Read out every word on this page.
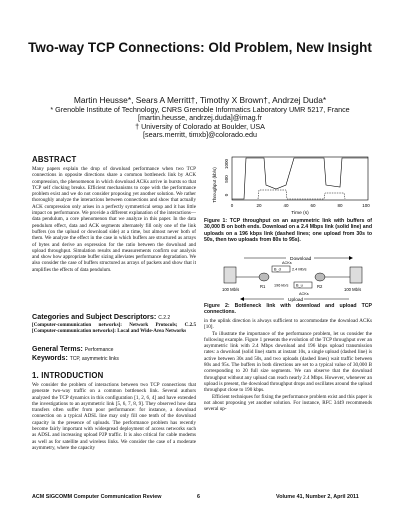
Two-way TCP Connections: Old Problem, New Insight
Martin Heusse*, Sears A Merritt†, Timothy X Brown†, Andrzej Duda*
* Grenoble Institute of Technology, CNRS Grenoble Informatics Laboratory UMR 5217, France
[martin.heusse, andrzej.duda]@imag.fr
† University of Colorado at Boulder, USA
[sears.merritt, timxb]@colorado.edu
ABSTRACT

Many papers explain the drop of download performance when two TCP connections in opposite directions share a common bottleneck link by ACK compression, the phenomenon in which download ACKs arrive in bursts so that TCP self clocking breaks. Efficient mechanisms to cope with the performance problem exist and we do not consider proposing yet another solution. We rather thoroughly analyze the interactions between connections and show that actually ACK compression only arises in a perfectly symmetrical setup and it has little impact on performance. We provide a different explanation of the interactions—data pendulum, a core phenomenon that we analyze in this paper. In the data pendulum effect, data and ACK segments alternately fill only one of the link buffers (on the upload or download side) at a time, but almost never both of them. We analyze the effect in the case in which buffers are structured as arrays of bytes and derive an expression for the ratio between the download and upload throughput. Simulation results and measurements confirm our analysis and show how appropriate buffer sizing alleviates performance degradation. We also consider the case of buffers structured as arrays of packets and show that it amplifies the effects of data pendulum.

Categories and Subject Descriptors: C.2.2

[Computer-communication networks]: Network Protocols; C.2.5 [Computer-communication networks]: Local and Wide-Area Networks

General Terms: Performance
Keywords: TCP, asymmetric links
1. INTRODUCTION

We consider the problem of interactions between two TCP connections that generate two-way traffic on a common bottleneck link. Several authors analyzed the TCP dynamics in this configuration [1, 2, 6, 4] and have extended the investigations to an asymmetric link [5, 6, 7, 8, 9]. They observed how data transfers often suffer from poor performance: for instance, a download connection on a typical ADSL line may only fill one tenth of the download capacity in the presence of uploads. The performance problem has recently become fairly important with widespread deployment of access networks such as ADSL and increasing upload P2P traffic. It is also critical for cable modems as well as for satellite and wireless links. We consider the case of a moderate asymmetry, where the capacity

Throughput (kb/s) 0
500
1000
0	20	40	60	80	100
Time (s)
Figure 1: TCP throughput on an asymmetric link with buffers of 30,000 B on both ends. Download on a 2.4 Mbps link (solid line) and uploads on a 196 kbps link (dashed lines; one upload from 30s to 50s, then two uploads from 80s to 95s).
Download
100 Mb/s	100 Mb/s
R1	R2
B_d
B_u
2.4 Mb/s
196 kb/s
ACKs
ACKs
Upload
Figure 2: Bottleneck link with download and upload TCP connections.

in the uplink direction is always sufficient to accommodate the download ACKs [10].

To illustrate the importance of the performance problem, let us consider the following example. Figure 1 presents the evolution of the TCP throughput over an asymmetric link with 2.4 Mbps download and 196 kbps upload transmission rates: a download (solid line) starts at instant 10s, a single upload (dashed line) is active between 30s and 50s, and two uploads (dashed lines) wait traffic between 80s and 95s. The buffers in both directions are set to a typical value of 30,000 B corresponding to 20 full size segments. We can observe that the download throughput without any upload can reach nearly 2.4 Mbps. However, whenever an upload is present, the download throughput drops and oscillates around the upload throughput close to 190 kbps.

Efficient techniques for fixing the performance problem exist and this paper is not about proposing yet another solution. For instance, RFC 3449 recommends several up-

ACM SIGCOMM Computer Communication Review	6	Volume 41, Number 2, April 2011
